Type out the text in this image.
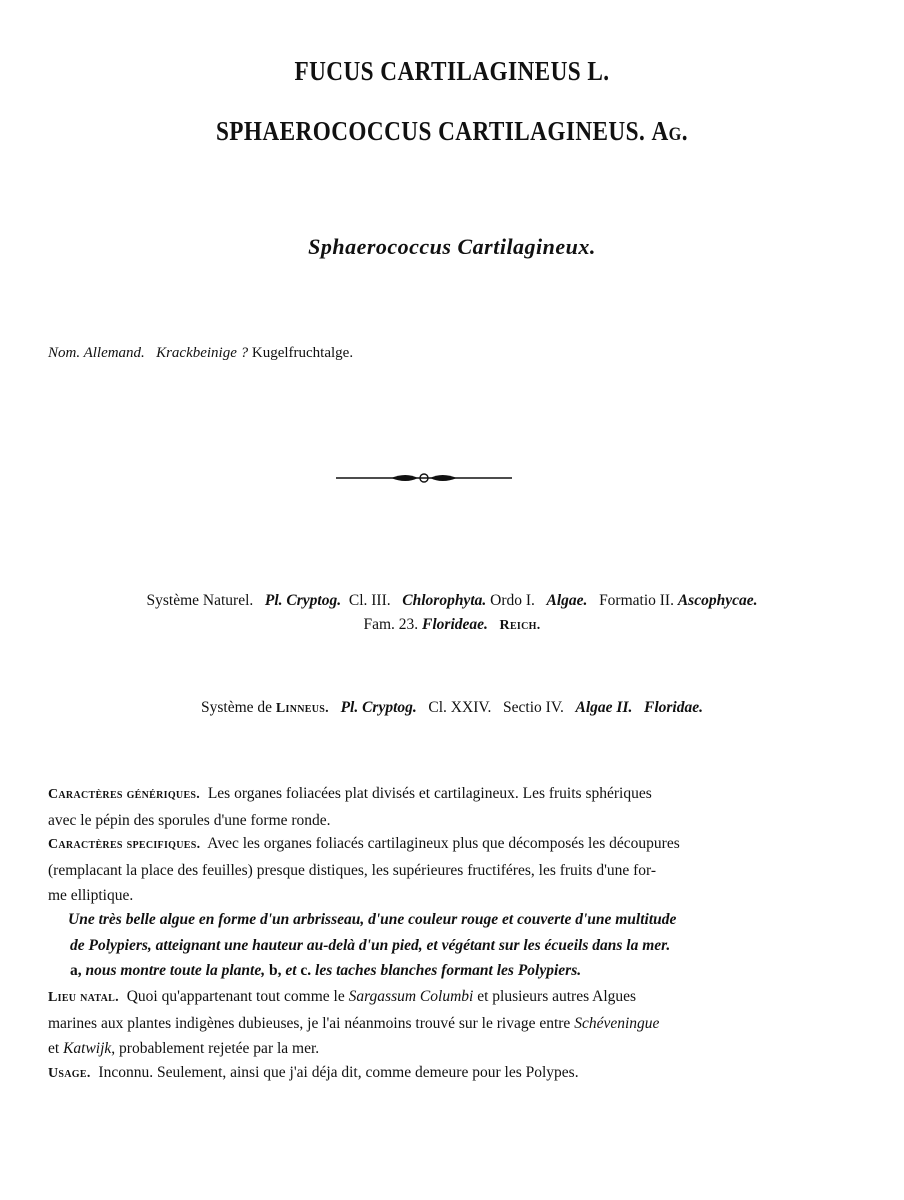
FUCUS CARTILAGINEUS L.
SPHAEROCOCCUS CARTILAGINEUS. Ag.
Sphaerococcus Cartilagineux.
Nom. Allemand. Krackbeinige ? Kugelfruchtalge.
Système Naturel. Pl. Cryptog. Cl. III. Chlorophyta. Ordo I. Algae. Formatio II. Ascophycae.
Fam. 23. Florideae. Reich.
Système de Linneus. Pl. Cryptog. Cl. XXIV. Sectio IV. Algae II. Floridae.
Caractères génériques. Les organes foliacées plat divisés et cartilagineux. Les fruits sphériques
avec le pépin des sporules d'une forme ronde.
Caractères specifiques. Avec les organes foliacés cartilagineux plus que décomposés les découpures
(remplacant la place des feuilles) presque distiques, les supérieures fructiféres, les fruits d'une for-
me elliptique.
Une très belle algue en forme d'un arbrisseau, d'une couleur rouge et couverte d'une multitude
de Polypiers, atteignant une hauteur au-delà d'un pied, et végétant sur les écueils dans la mer.
a, nous montre toute la plante, b, et c. les taches blanches formant les Polypiers.
Lieu natal. Quoi qu'appartenant tout comme le Sargassum Columbi et plusieurs autres Algues
marines aux plantes indigènes dubieuses, je l'ai néanmoins trouvé sur le rivage entre Schéveningue
et Katwijk, probablement rejetée par la mer.
Usage. Inconnu. Seulement, ainsi que j'ai déja dit, comme demeure pour les Polypes.
